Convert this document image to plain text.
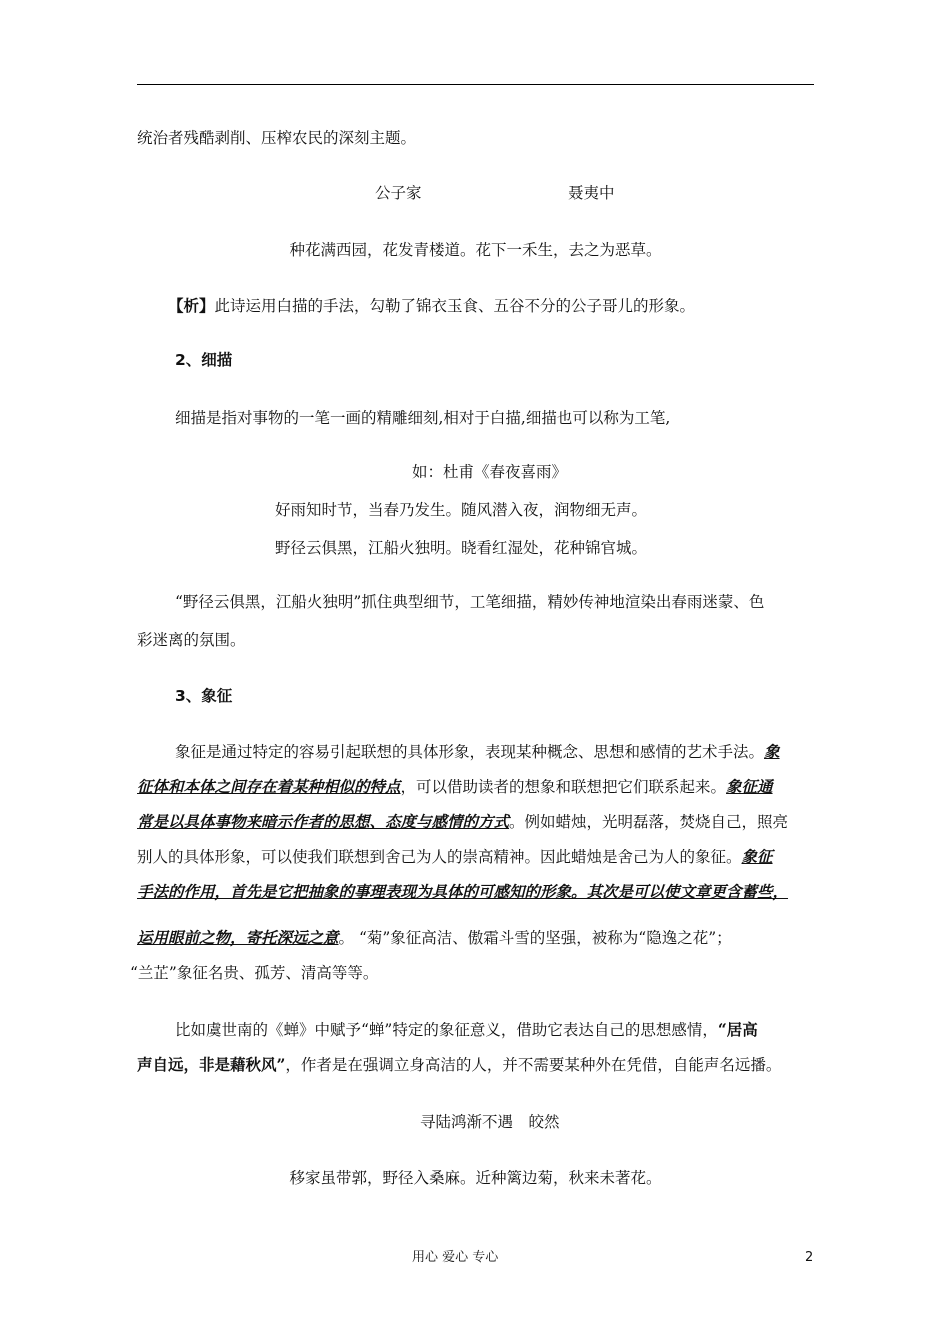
统治者残酷剥削、压榨农民的深刻主题。
公子家	聂夷中
种花满西园，花发青楼道。花下一禾生，去之为恶草。
【析】此诗运用白描的手法，勾勒了锦衣玉食、五谷不分的公子哥儿的形象。
2、细描
细描是指对事物的一笔一画的精雕细刻,相对于白描,细描也可以称为工笔,
如：杜甫《春夜喜雨》
好雨知时节，当春乃发生。随风潜入夜，润物细无声。
野径云俱黑，江船火独明。晓看红湿处，花种锦官城。
“野径云俱黑，江船火独明”抓住典型细节，工笔细描，精妙传神地渲染出春雨迷蒙、色
彩迷离的氛围。
3、象征
象征是通过特定的容易引起联想的具体形象，表现某种概念、思想和感情的艺术手法。象
征体和本体之间存在着某种相似的特点，可以借助读者的想象和联想把它们联系起来。象征通
常是以具体事物来暗示作者的思想、态度与感情的方式。例如蜡烛，光明磊落，焚烧自己，照亮
别人的具体形象，可以使我们联想到舍己为人的崇高精神。因此蜡烛是舍己为人的象征。象征
手法的作用，首先是它把抽象的事理表现为具体的可感知的形象。其次是可以使文章更含蓄些，
运用眼前之物，寄托深远之意。 “菊”象征高洁、傲霜斗雪的坚强，被称为“隐逸之花”；
“兰芷”象征名贵、孤芳、清高等等。
比如虞世南的《蝉》中赋予“蝉”特定的象征意义，借助它表达自己的思想感情，“居高
声自远，非是藉秋风”，作者是在强调立身高洁的人，并不需要某种外在凭借，自能声名远播。
寻陆鸿渐不遇　皎然
移家虽带郭，野径入桑麻。近种篱边菊，秋来未著花。
用心 爱心 专心	2
